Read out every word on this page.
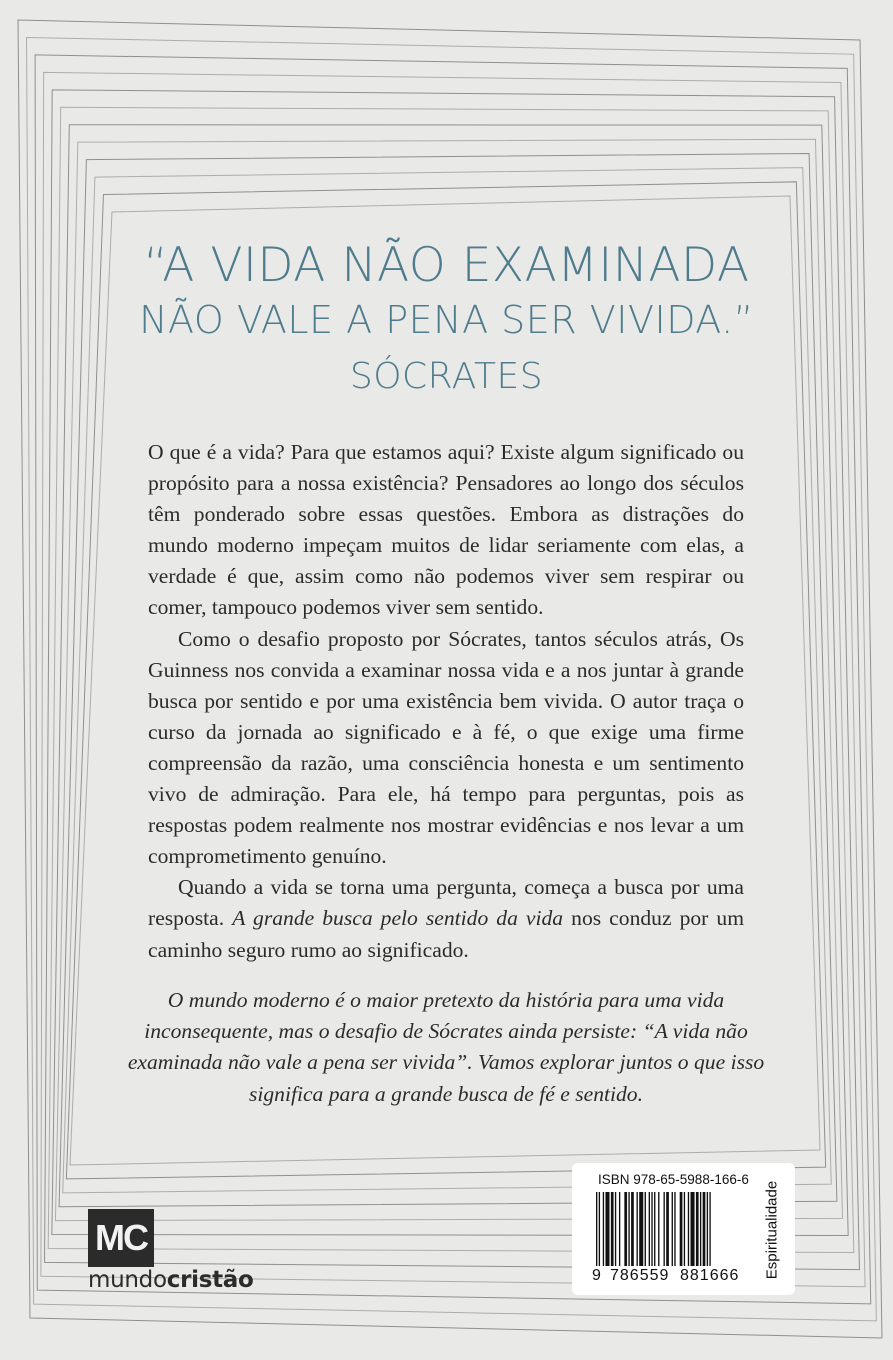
“A VIDA NÃO EXAMINADA
NÃO VALE A PENA SER VIVIDA.”
SÓCRATES

O que é a vida? Para que estamos aqui? Existe algum significado ou propósito para a nossa existência? Pensadores ao longo dos séculos têm ponderado sobre essas questões. Embora as distrações do mundo moderno impeçam muitos de lidar seriamente com elas, a verdade é que, assim como não podemos viver sem respirar ou comer, tampouco podemos viver sem sentido.

Como o desafio proposto por Sócrates, tantos séculos atrás, Os Guinness nos convida a examinar nossa vida e a nos juntar à grande busca por sentido e por uma existência bem vivida. O autor traça o curso da jornada ao significado e à fé, o que exige uma firme compreensão da razão, uma consciência honesta e um sentimento vivo de admiração. Para ele, há tempo para perguntas, pois as respostas podem realmente nos mostrar evidências e nos levar a um comprometimento genuíno.

Quando a vida se torna uma pergunta, começa a busca por uma resposta. A grande busca pelo sentido da vida nos conduz por um caminho seguro rumo ao significado.

O mundo moderno é o maior pretexto da história para uma vida inconsequente, mas o desafio de Sócrates ainda persiste: “A vida não examinada não vale a pena ser vivida”. Vamos explorar juntos o que isso significa para a grande busca de fé e sentido.
MC
mundocristão
ISBN 978-65-5988-166-6
9 786559 881666 Espiritualidade
